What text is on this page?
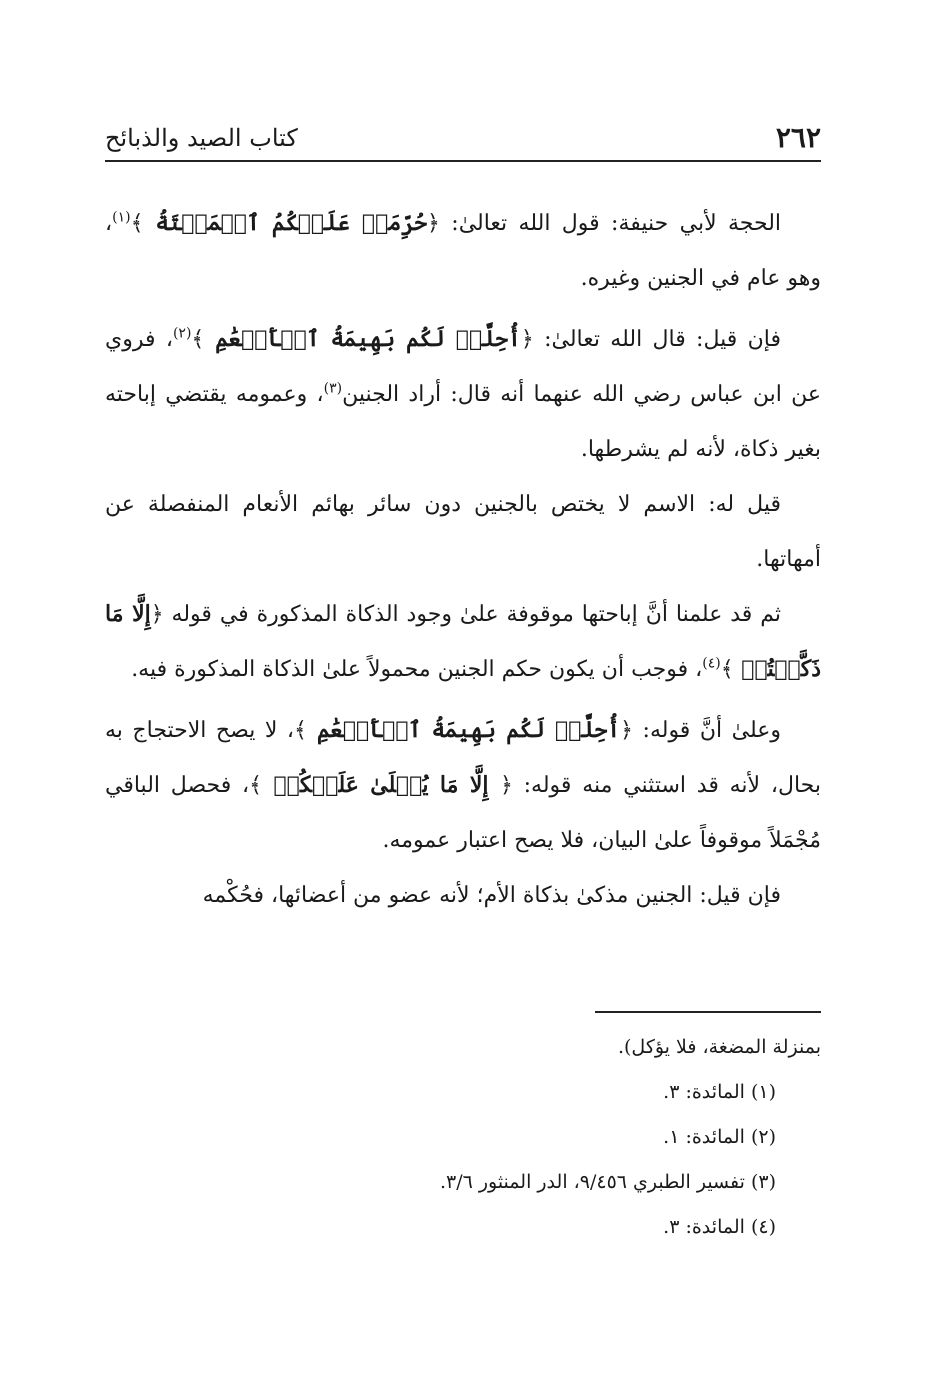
٢٦٢
كتاب الصيد والذبائح

الحجة لأبي حنيفة: قول الله تعالىٰ: ﴿حُرِّمَتۡ عَلَيۡكُمُ ٱلۡمَيۡتَةُ ﴾$^{(١)}$، وهو عام في الجنين وغيره.

فإن قيل: قال الله تعالىٰ: ﴿أُحِلَّتۡ لَكُم بَهِيمَةُ ٱلۡأَنۡعَٰمِ ﴾$^{(٢)}$، فروي عن ابن عباس رضي الله عنهما أنه قال: أراد الجنين$^{(٣)}$، وعمومه يقتضي إباحته بغير ذكاة، لأنه لم يشرطها.

قيل له: الاسم لا يختص بالجنين دون سائر بهائم الأنعام المنفصلة عن أمهاتها.

ثم قد علمنا أنَّ إباحتها موقوفة علىٰ وجود الذكاة المذكورة في قوله ﴿إِلَّا مَا ذَكَّيۡتُمۡ ﴾$^{(٤)}$، فوجب أن يكون حكم الجنين محمولاً علىٰ الذكاة المذكورة فيه.

وعلىٰ أنَّ قوله: ﴿أُحِلَّتۡ لَكُم بَهِيمَةُ ٱلۡأَنۡعَٰمِ ﴾، لا يصح الاحتجاج به بحال، لأنه قد استثني منه قوله: ﴿ إِلَّا مَا يُتۡلَىٰ عَلَيۡكُمۡ ﴾، فحصل الباقي مُجْمَلاً موقوفاً علىٰ البيان، فلا يصح اعتبار عمومه.

فإن قيل: الجنين مذكىٰ بذكاة الأم؛ لأنه عضو من أعضائها، فحُكْمه

بمنزلة المضغة، فلا يؤكل).
(١) المائدة: ٣.
(٢) المائدة: ١.
(٣) تفسير الطبري ٩/٤٥٦، الدر المنثور ٣/٦.
(٤) المائدة: ٣.
